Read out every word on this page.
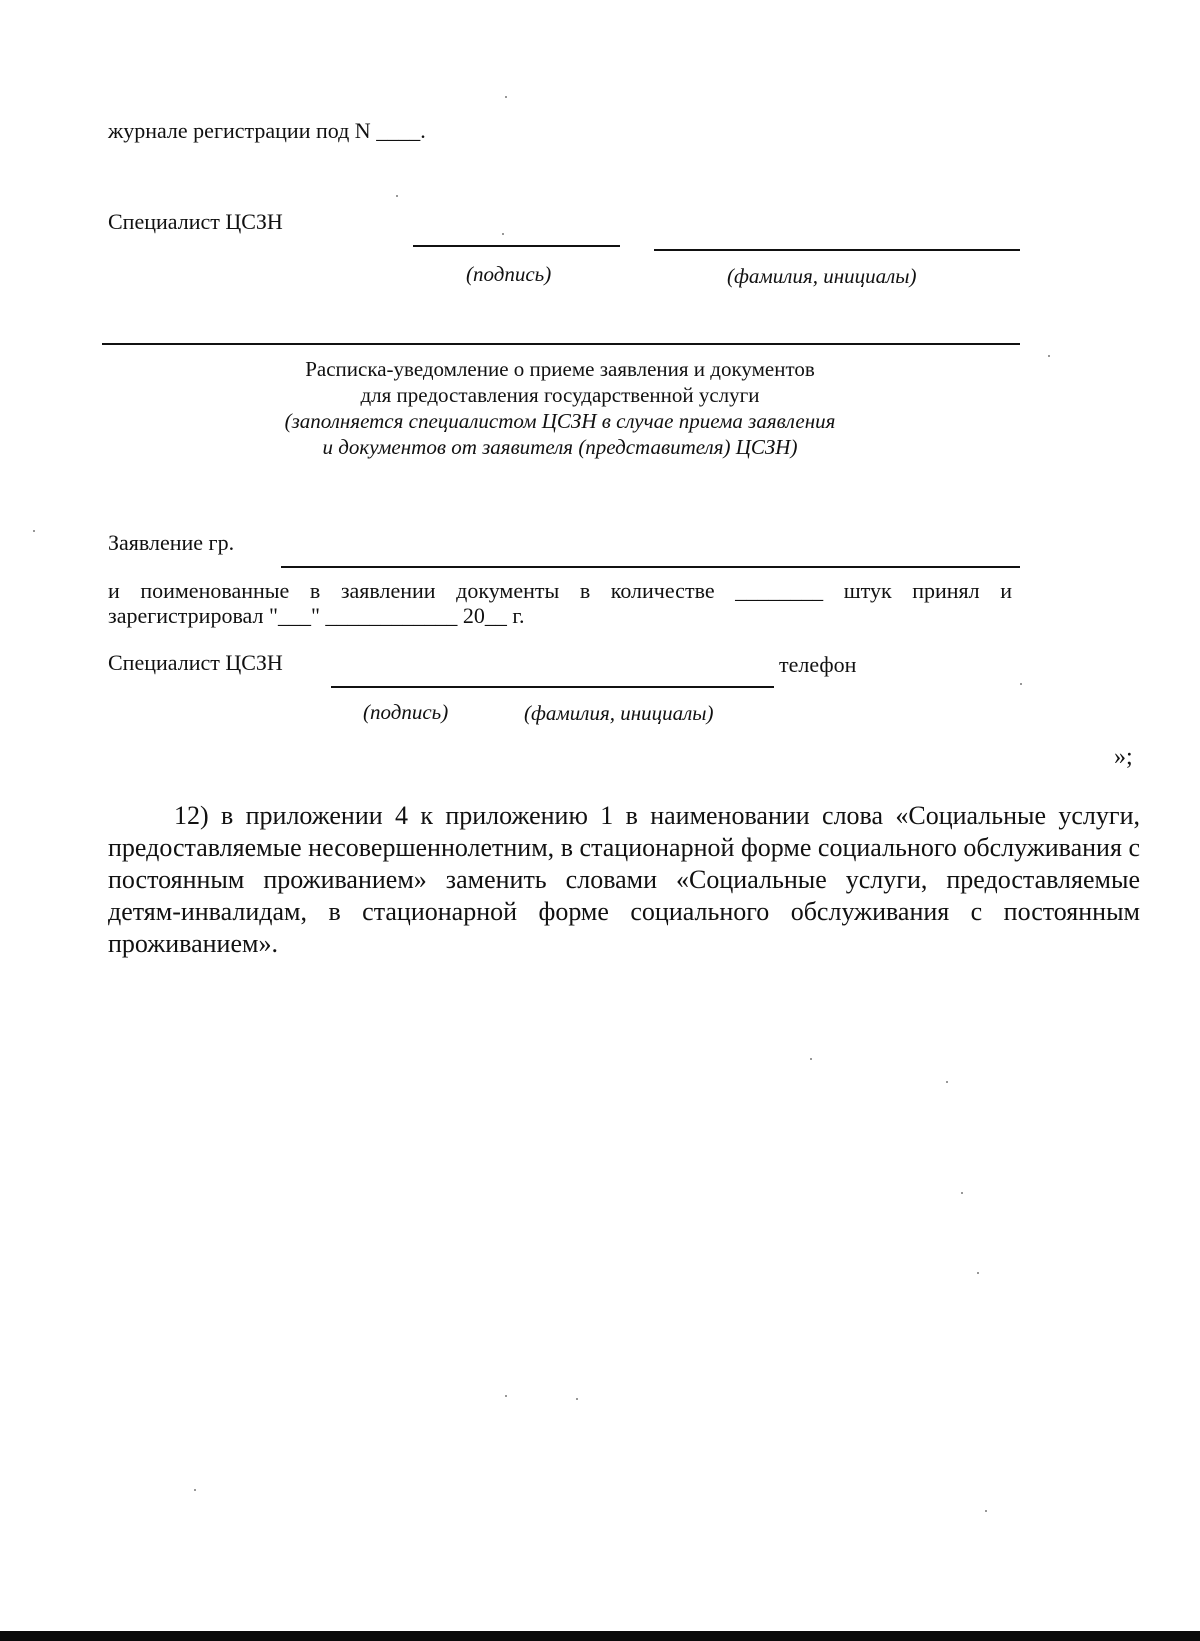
журнале регистрации под N ____.
Специалист ЦСЗН
(подпись)	(фамилия, инициалы)
Расписка-уведомление о приеме заявления и документов
для предоставления государственной услуги
(заполняется специалистом ЦСЗН в случае приема заявления
и документов от заявителя (представителя) ЦСЗН)
Заявление гр.
и поименованные в заявлении документы в количестве ________ штук принял и
зарегистрировал "___" ____________ 20__ г.
Специалист ЦСЗН	телефон
(подпись)	(фамилия, инициалы)
»;
12) в приложении 4 к приложению 1 в наименовании слова «Социальные услуги, предоставляемые несовершеннолетним, в стационарной форме социального обслуживания с постоянным проживанием» заменить словами «Социальные услуги, предоставляемые детям-инвалидам, в стационарной форме социального обслуживания с постоянным проживанием».
